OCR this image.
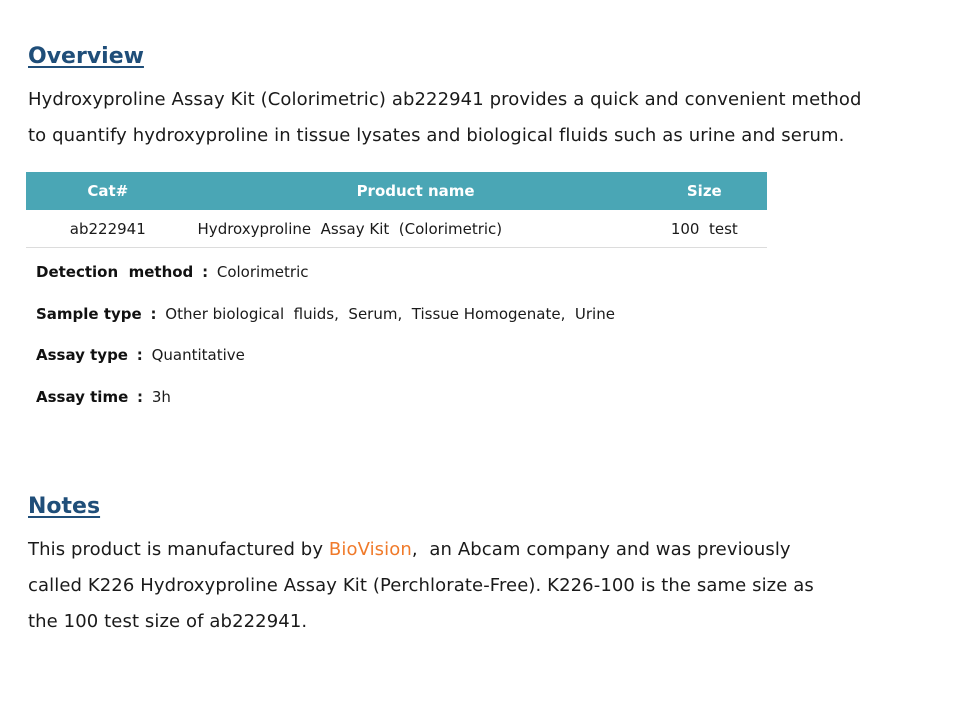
Overview
Hydroxyproline Assay Kit (Colorimetric) ab222941 provides a quick and convenient method
to quantify hydroxyproline in tissue lysates and biological fluids such as urine and serum.
Cat#	Product name	Size
ab222941	Hydroxyproline  Assay Kit  (Colorimetric)	100  test
Detection  method : Colorimetric
Sample type : Other biological  fluids,  Serum,  Tissue Homogenate,  Urine
Assay type : Quantitative
Assay time : 3h
Notes
This product is manufactured by BioVision,  an Abcam company and was previously
called K226 Hydroxyproline Assay Kit (Perchlorate-Free). K226-100 is the same size as
the 100 test size of ab222941.
